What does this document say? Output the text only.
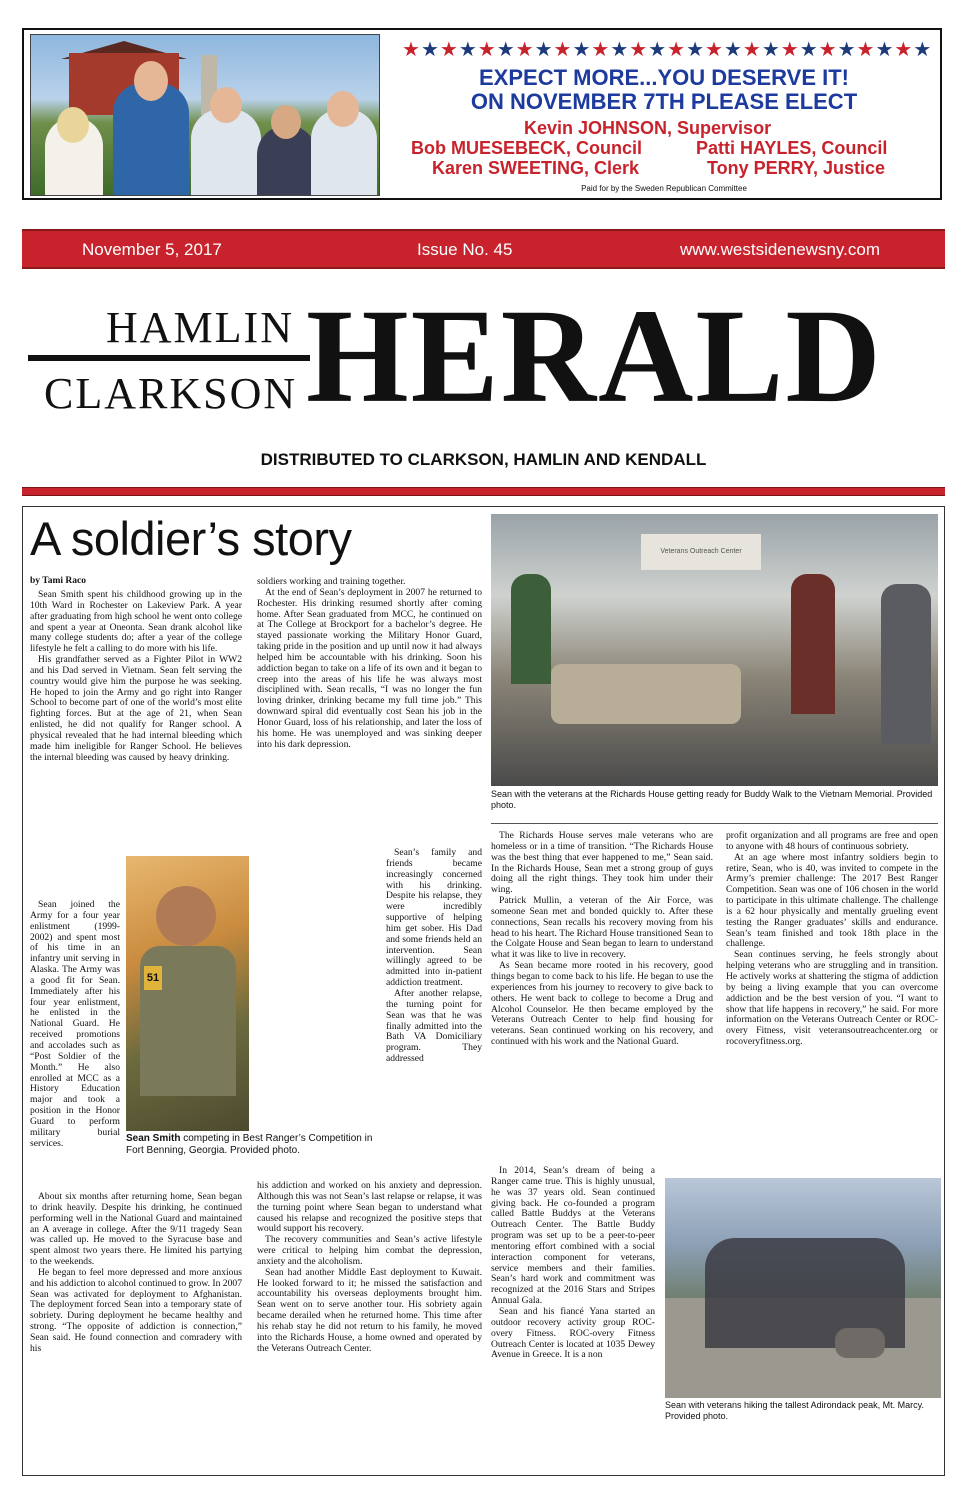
★★★★★★★★★★★★★★★★★★★★★★★★★★★★
EXPECT MORE...YOU DESERVE IT!
ON NOVEMBER 7TH PLEASE ELECT
Kevin JOHNSON, Supervisor
Bob MUESEBECK, Council	Patti HAYLES, Council
Karen SWEETING, Clerk	Tony PERRY, Justice
Paid for by the Sweden Republican Committee
November 5, 2017	Issue No. 45	www.westsidenewsny.com
HAMLIN
CLARKSON HERALD
DISTRIBUTED TO CLARKSON, HAMLIN AND KENDALL
A soldier’s story
by Tami Raco

Sean Smith spent his childhood growing up in the 10th Ward in Rochester on Lakeview Park. A year after graduating from high school he went onto college and spent a year at Oneonta. Sean drank alcohol like many college students do; after a year of the college lifestyle he felt a calling to do more with his life.

His grandfather served as a Fighter Pilot in WW2 and his Dad served in Vietnam. Sean felt serving the country would give him the purpose he was seeking. He hoped to join the Army and go right into Ranger School to become part of one of the world’s most elite fighting forces. But at the age of 21, when Sean enlisted, he did not qualify for Ranger school. A physical revealed that he had internal bleeding which made him ineligible for Ranger School. He believes the internal bleeding was caused by heavy drinking.

Sean joined the Army for a four year enlistment (1999-2002) and spent most of his time in an infantry unit serving in Alaska. The Army was a good fit for Sean. Immediately after his four year enlistment, he enlisted in the National Guard. He received promotions and accolades such as “Post Soldier of the Month.” He also enrolled at MCC as a History Education major and took a position in the Honor Guard to perform military burial services.

About six months after returning home, Sean began to drink heavily. Despite his drinking, he continued performing well in the National Guard and maintained an A average in college. After the 9/11 tragedy Sean was called up. He moved to the Syracuse base and spent almost two years there. He limited his partying to the weekends.

He began to feel more depressed and more anxious and his addiction to alcohol continued to grow. In 2007 Sean was activated for deployment to Afghanistan. The deployment forced Sean into a temporary state of sobriety. During deployment he became healthy and strong. “The opposite of addiction is connection,” Sean said. He found connection and comradery with his

soldiers working and training together.

At the end of Sean’s deployment in 2007 he returned to Rochester. His drinking resumed shortly after coming home. After Sean graduated from MCC, he continued on at The College at Brockport for a bachelor’s degree. He stayed passionate working the Military Honor Guard, taking pride in the position and up until now it had always helped him be accountable with his drinking. Soon his addiction began to take on a life of its own and it began to creep into the areas of his life he was always most disciplined with. Sean recalls, “I was no longer the fun loving drinker, drinking became my full time job.” This downward spiral did eventually cost Sean his job in the Honor Guard, loss of his relationship, and later the loss of his home. He was unemployed and was sinking deeper into his dark depression.

Sean’s family and friends became increasingly concerned with his drinking. Despite his relapse, they were incredibly supportive of helping him get sober. His Dad and some friends held an intervention. Sean willingly agreed to be admitted into in-patient addiction treatment.

After another relapse, the turning point for Sean was that he was finally admitted into the Bath VA Domiciliary program. They addressed

his addiction and worked on his anxiety and depression. Although this was not Sean’s last relapse or relapse, it was the turning point where Sean began to understand what caused his relapse and recognized the positive steps that would support his recovery.

The recovery communities and Sean’s active lifestyle were critical to helping him combat the depression, anxiety and the alcoholism.

Sean had another Middle East deployment to Kuwait. He looked forward to it; he missed the satisfaction and accountability his overseas deployments brought him. Sean went on to serve another tour. His sobriety again became derailed when he returned home. This time after his rehab stay he did not return to his family, he moved into the Richards House, a home owned and operated by the Veterans Outreach Center.

The Richards House serves male veterans who are homeless or in a time of transition. “The Richards House was the best thing that ever happened to me,” Sean said. In the Richards House, Sean met a strong group of guys doing all the right things. They took him under their wing.

Patrick Mullin, a veteran of the Air Force, was someone Sean met and bonded quickly to. After these connections, Sean recalls his recovery moving from his head to his heart. The Richard House transitioned Sean to the Colgate House and Sean began to learn to understand what it was like to live in recovery.

As Sean became more rooted in his recovery, good things began to come back to his life. He began to use the experiences from his journey to recovery to give back to others. He went back to college to become a Drug and Alcohol Counselor. He then became employed by the Veterans Outreach Center to help find housing for veterans. Sean continued working on his recovery, and continued with his work and the National Guard.

In 2014, Sean’s dream of being a Ranger came true. This is highly unusual, he was 37 years old. Sean continued giving back. He co-founded a program called Battle Buddys at the Veterans Outreach Center. The Battle Buddy program was set up to be a peer-to-peer mentoring effort combined with a social interaction component for veterans, service members and their families. Sean’s hard work and commitment was recognized at the 2016 Stars and Stripes Annual Gala.

Sean and his fiancé Yana started an outdoor recovery activity group ROC-overy Fitness. ROC-overy Fitness Outreach Center is located at 1035 Dewey Avenue in Greece. It is a non

profit organization and all programs are free and open to anyone with 48 hours of continuous sobriety.

At an age where most infantry soldiers begin to retire, Sean, who is 40, was invited to compete in the Army’s premier challenge: The 2017 Best Ranger Competition. Sean was one of 106 chosen in the world to participate in this ultimate challenge. The challenge is a 62 hour physically and mentally grueling event testing the Ranger graduates’ skills and endurance. Sean’s team finished and took 18th place in the challenge.

Sean continues serving, he feels strongly about helping veterans who are struggling and in transition. He actively works at shattering the stigma of addiction by being a living example that you can overcome addiction and be the best version of you. “I want to show that life happens in recovery,” he said. For more information on the Veterans Outreach Center or ROC-overy Fitness, visit veteransoutreachcenter.org or rocoveryfitness.org.

Veterans Outreach Center
Sean with the veterans at the Richards House getting ready for Buddy Walk to the Vietnam Memorial. Provided photo.
51
Sean Smith competing in Best Ranger’s Competition in Fort Benning, Georgia. Provided photo.
Sean with veterans hiking the tallest Adirondack peak, Mt. Marcy. Provided photo.
